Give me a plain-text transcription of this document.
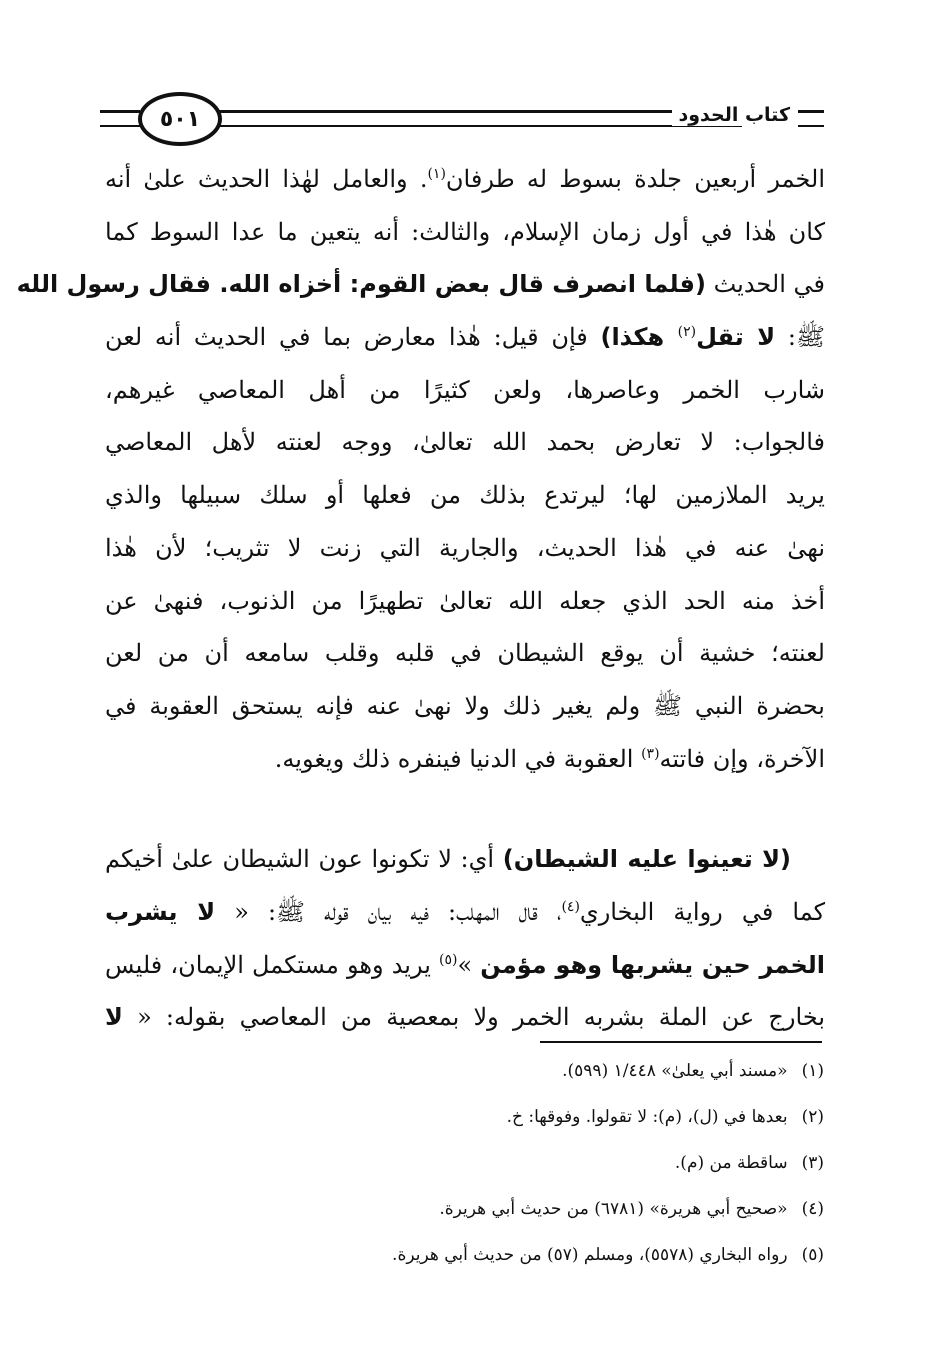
٥٠١	كتاب الحدود
الخمر أربعين جلدة بسوط له طرفان$^{(١)}$. والعامل لهٰذا الحديث علىٰ أنه
كان هٰذا في أول زمان الإسلام، والثالث: أنه يتعين ما عدا السوط كما
في الحديث (فلما انصرف قال بعض القوم: أخزاه الله. فقال رسول الله
ﷺ: لا تقل$^{(٢)}$ هكذا) فإن قيل: هٰذا معارض بما في الحديث أنه لعن
شارب الخمر وعاصرها، ولعن كثيرًا من أهل المعاصي غيرهم،
فالجواب: لا تعارض بحمد الله تعالىٰ، ووجه لعنته لأهل المعاصي
يريد الملازمين لها؛ ليرتدع بذلك من فعلها أو سلك سبيلها والذي
نهىٰ عنه في هٰذا الحديث، والجارية التي زنت لا تثريب؛ لأن هٰذا
أخذ منه الحد الذي جعله الله تعالىٰ تطهيرًا من الذنوب، فنهىٰ عن
لعنته؛ خشية أن يوقع الشيطان في قلبه وقلب سامعه أن من لعن
بحضرة النبي ﷺ ولم يغير ذلك ولا نهىٰ عنه فإنه يستحق العقوبة في
الآخرة، وإن فاتته$^{(٣)}$ العقوبة في الدنيا فينفره ذلك ويغويه.
(لا تعينوا عليه الشيطان) أي: لا تكونوا عون الشيطان علىٰ أخيكم
كما في رواية البخاري$^{(٤)}$، قال المهلب: فيه بيان قوله ﷺ: « لا يشرب
الخمر حين يشربها وهو مؤمن »$^{(٥)}$ يريد وهو مستكمل الإيمان، فليس
بخارج عن الملة بشربه الخمر ولا بمعصية من المعاصي بقوله: « لا
(١)«مسند أبي يعلىٰ» ١/٤٤٨ (٥٩٩).
(٢)بعدها في (ل)، (م): لا تقولوا. وفوقها: خ.
(٣)ساقطة من (م).
(٤)«صحيح أبي هريرة» (٦٧٨١) من حديث أبي هريرة.
(٥)رواه البخاري (٥٥٧٨)، ومسلم (٥٧) من حديث أبي هريرة.
